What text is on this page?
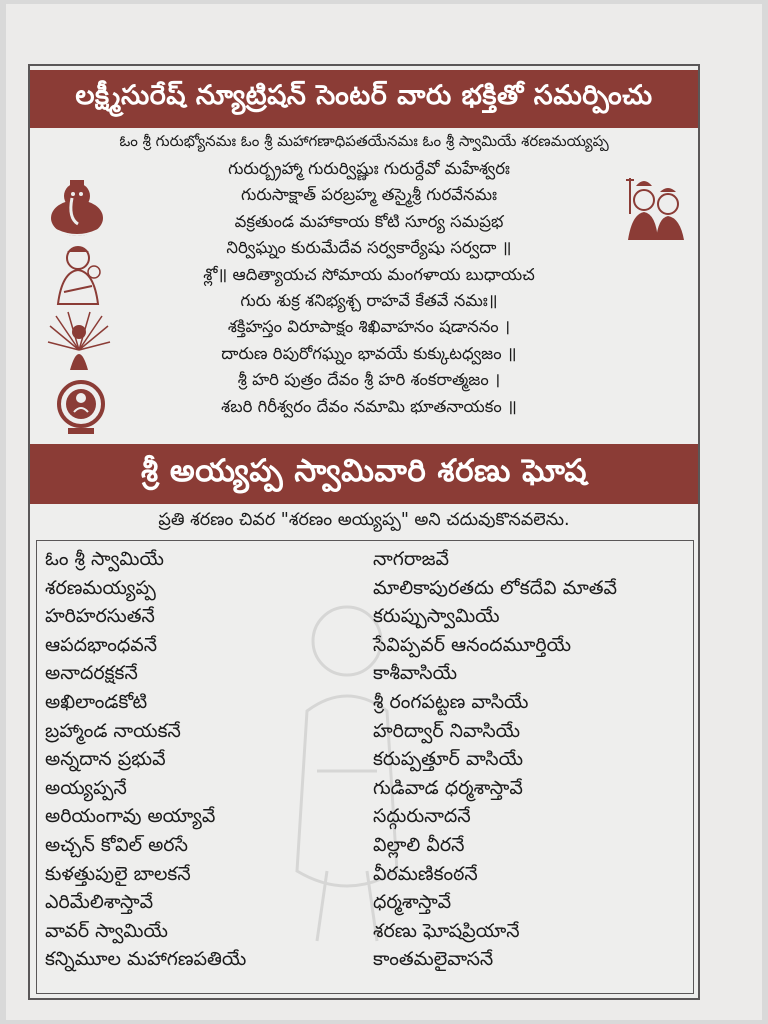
లక్ష్మీసురేష్ న్యూట్రిషన్ సెంటర్ వారు భక్తితో సమర్పించు
ఓం శ్రీ గురుభ్యోనమః ఓం శ్రీ మహాగణాధిపతయేనమః ఓం శ్రీ స్వామియే శరణమయ్యప్ప
గురుర్బ్రహ్మా గురుర్విష్ణుః గురుర్దేవో మహేశ్వరః
గురుసాక్షాత్ పరబ్రహ్మ తస్మైశ్రీ గురవేనమః
వక్రతుండ మహాకాయ కోటి సూర్య సమప్రభ
నిర్విఘ్నం కురుమేదేవ సర్వకార్యేషు సర్వదా ॥
శ్లో॥ ఆదిత్యాయచ సోమాయ మంగళాయ బుధాయచ
గురు శుక్ర శనిభ్యశ్చ రాహవే కేతవే నమః॥
శక్తిహస్తం విరూపాక్షం శిఖివాహనం షడాననం ।
దారుణ రిపురోగఘ్నం భావయే కుక్కుటధ్వజం ॥
శ్రీ హరి పుత్రం దేవం శ్రీ హరి శంకరాత్మజం ।
శబరి గిరీశ్వరం దేవం నమామి భూతనాయకం ॥
శ్రీ అయ్యప్ప స్వామివారి శరణు ఘోష
ప్రతి శరణం చివర "శరణం అయ్యప్ప" అని చదువుకొనవలెను.
ఓం శ్రీ స్వామియే
శరణమయ్యప్ప
హరిహరసుతనే
ఆపదభాంధవనే
అనాదరక్షకనే
అఖిలాండకోటి
బ్రహ్మాండ నాయకనే
అన్నదాన ప్రభువే
అయ్యప్పనే
అరియంగావు అయ్యావే
అచ్చన్ కోవిల్ అరసే
కుళత్తుపులై బాలకనే
ఎరిమేలిశాస్తావే
వావర్ స్వామియే
కన్నిమూల మహాగణపతియే
నాగరాజవే
మాలికాపురతదు లోకదేవి మాతవే
కరుప్పుస్వామియే
సేవిప్పవర్ ఆనందమూర్తియే
కాశీవాసియే
శ్రీ రంగపట్టణ వాసియే
హరిద్వార్ నివాసియే
కరుప్పత్తూర్ వాసియే
గుడివాడ ధర్మశాస్తావే
సద్గురునాదనే
విల్లాలి వీరనే
వీరమణికంఠనే
ధర్మశాస్తావే
శరణు ఘోషప్రియానే
కాంతమలైవాసనే
